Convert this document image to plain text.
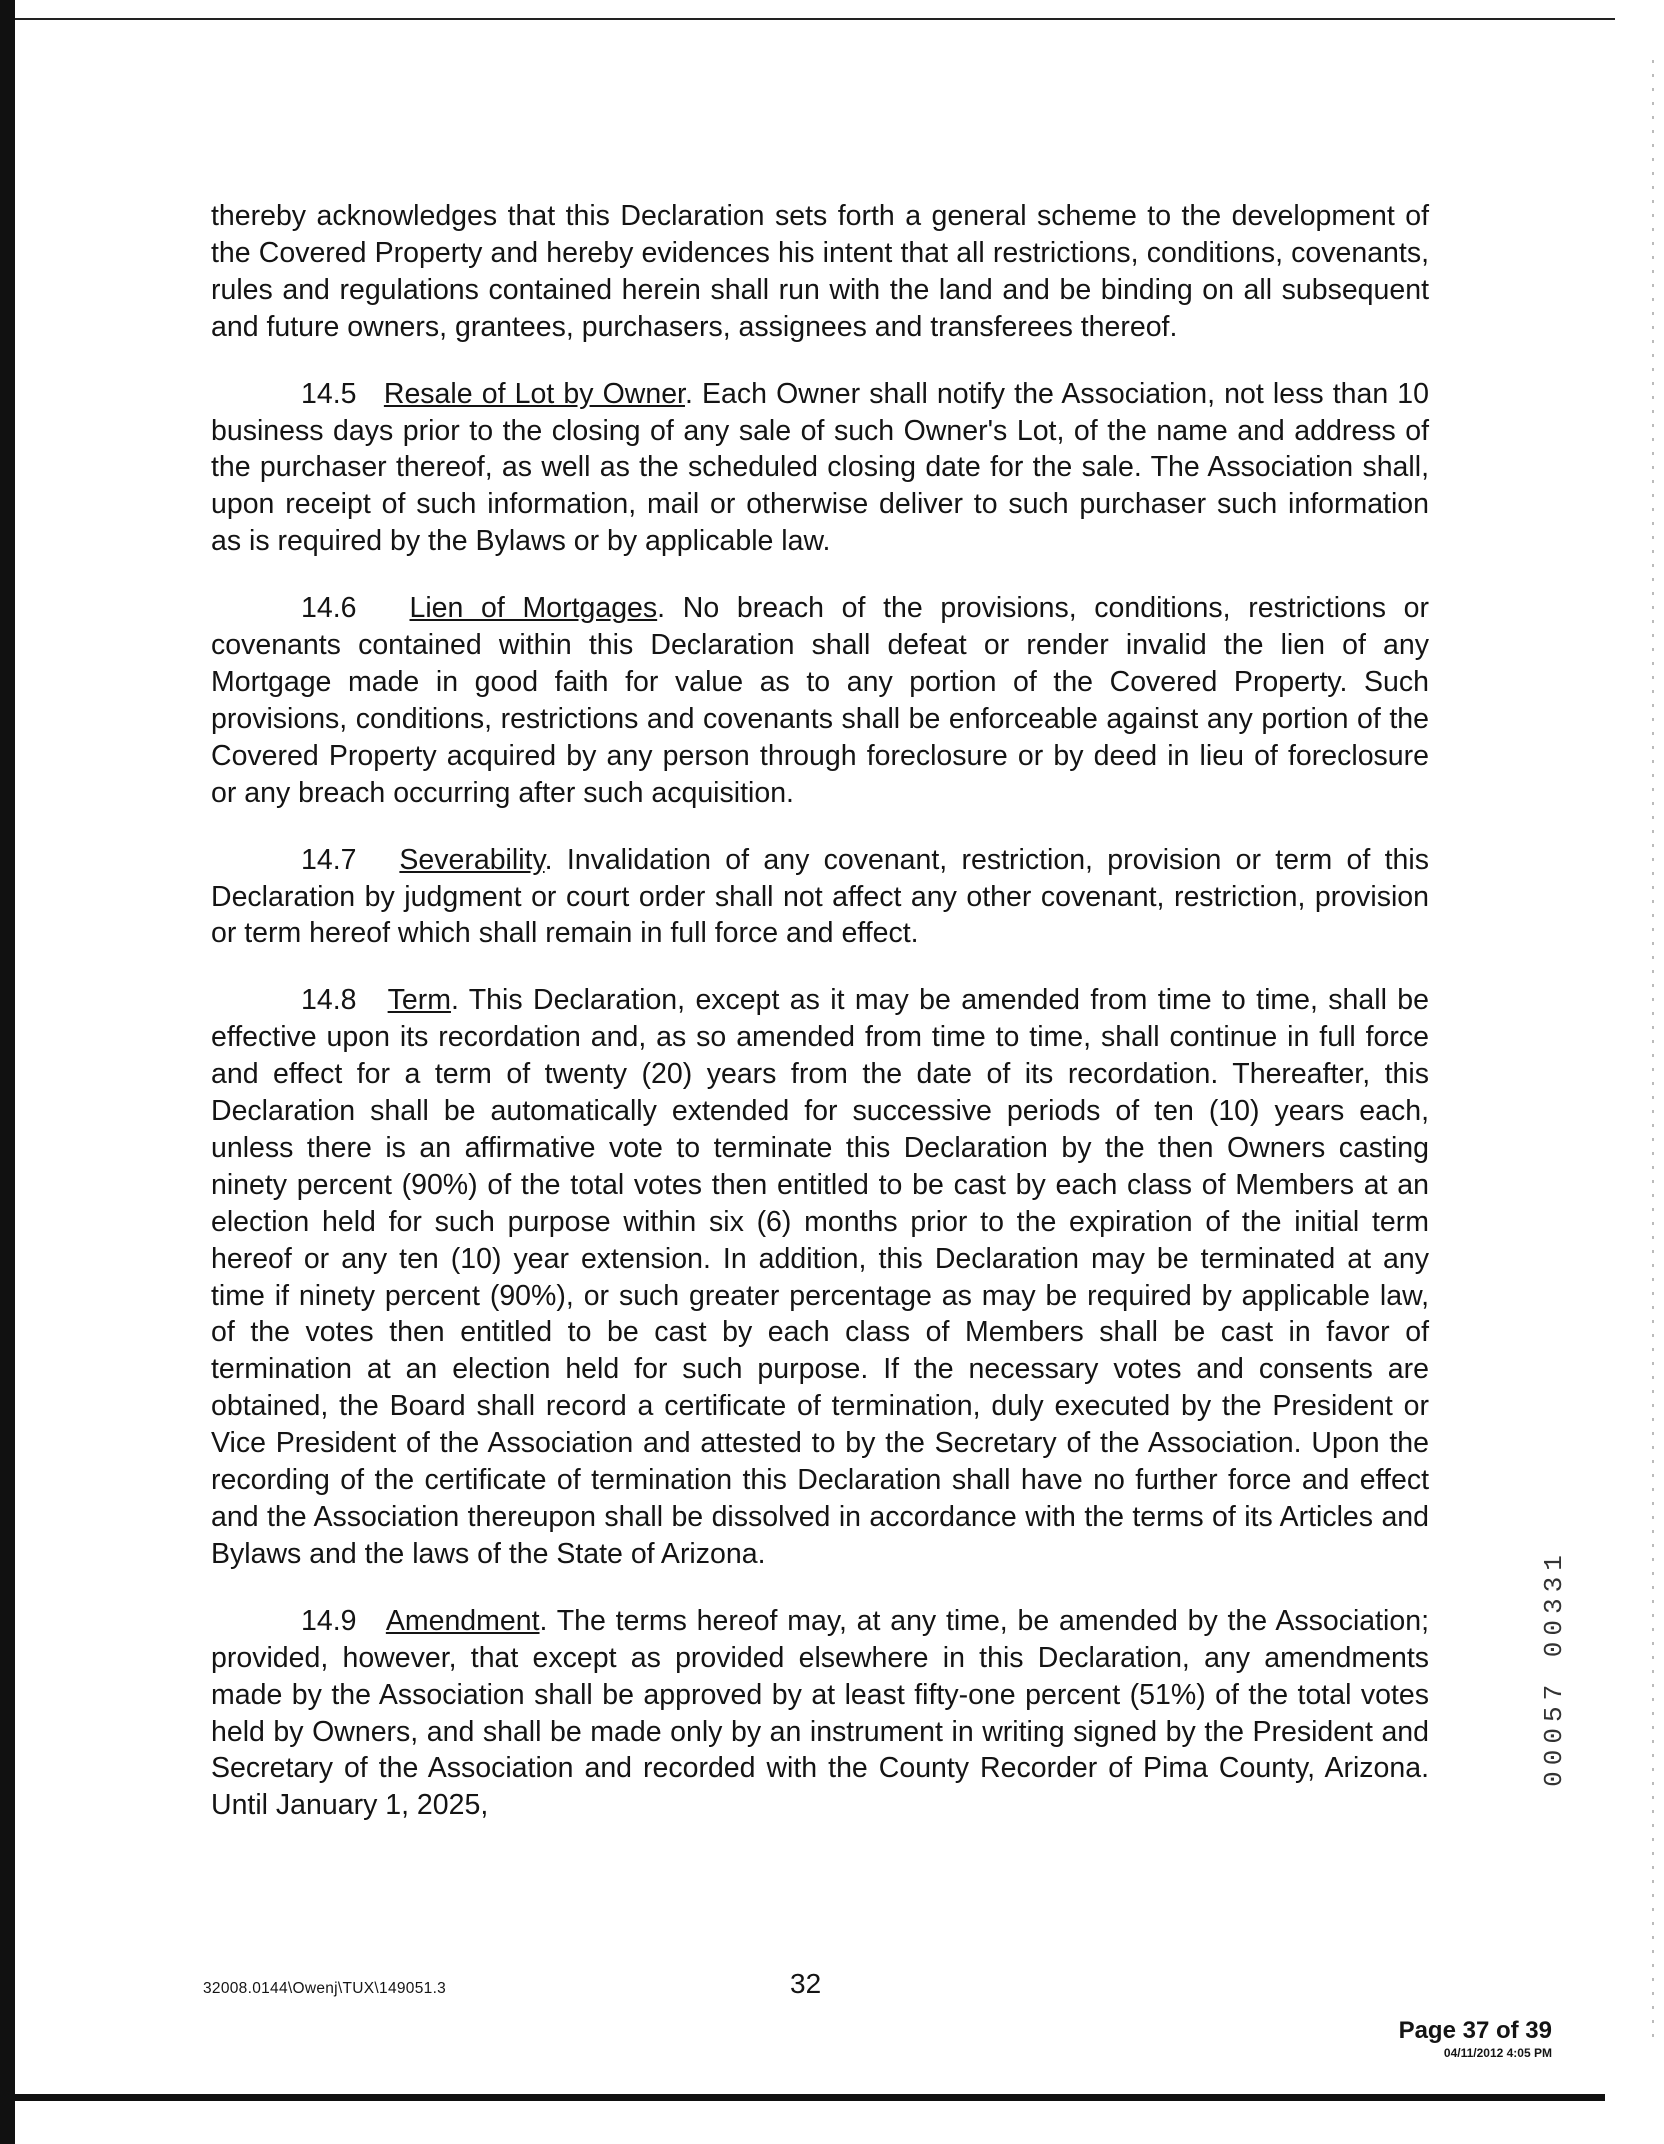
thereby acknowledges that this Declaration sets forth a general scheme to the development of the Covered Property and hereby evidences his intent that all restrictions, conditions, covenants, rules and regulations contained herein shall run with the land and be binding on all subsequent and future owners, grantees, purchasers, assignees and transferees thereof.

14.5 Resale of Lot by Owner. Each Owner shall notify the Association, not less than 10 business days prior to the closing of any sale of such Owner's Lot, of the name and address of the purchaser thereof, as well as the scheduled closing date for the sale. The Association shall, upon receipt of such information, mail or otherwise deliver to such purchaser such information as is required by the Bylaws or by applicable law.

14.6 Lien of Mortgages. No breach of the provisions, conditions, restrictions or covenants contained within this Declaration shall defeat or render invalid the lien of any Mortgage made in good faith for value as to any portion of the Covered Property. Such provisions, conditions, restrictions and covenants shall be enforceable against any portion of the Covered Property acquired by any person through foreclosure or by deed in lieu of foreclosure or any breach occurring after such acquisition.

14.7 Severability. Invalidation of any covenant, restriction, provision or term of this Declaration by judgment or court order shall not affect any other covenant, restriction, provision or term hereof which shall remain in full force and effect.

14.8 Term. This Declaration, except as it may be amended from time to time, shall be effective upon its recordation and, as so amended from time to time, shall continue in full force and effect for a term of twenty (20) years from the date of its recordation. Thereafter, this Declaration shall be automatically extended for successive periods of ten (10) years each, unless there is an affirmative vote to terminate this Declaration by the then Owners casting ninety percent (90%) of the total votes then entitled to be cast by each class of Members at an election held for such purpose within six (6) months prior to the expiration of the initial term hereof or any ten (10) year extension. In addition, this Declaration may be terminated at any time if ninety percent (90%), or such greater percentage as may be required by applicable law, of the votes then entitled to be cast by each class of Members shall be cast in favor of termination at an election held for such purpose. If the necessary votes and consents are obtained, the Board shall record a certificate of termination, duly executed by the President or Vice President of the Association and attested to by the Secretary of the Association. Upon the recording of the certificate of termination this Declaration shall have no further force and effect and the Association thereupon shall be dissolved in accordance with the terms of its Articles and Bylaws and the laws of the State of Arizona.

14.9 Amendment. The terms hereof may, at any time, be amended by the Association; provided, however, that except as provided elsewhere in this Declaration, any amendments made by the Association shall be approved by at least fifty-one percent (51%) of the total votes held by Owners, and shall be made only by an instrument in writing signed by the President and Secretary of the Association and recorded with the County Recorder of Pima County, Arizona. Until January 1, 2025,

00057 00331
32008.0144\Owenj\TUX\149051.3	32
Page 37 of 39
04/11/2012 4:05 PM
